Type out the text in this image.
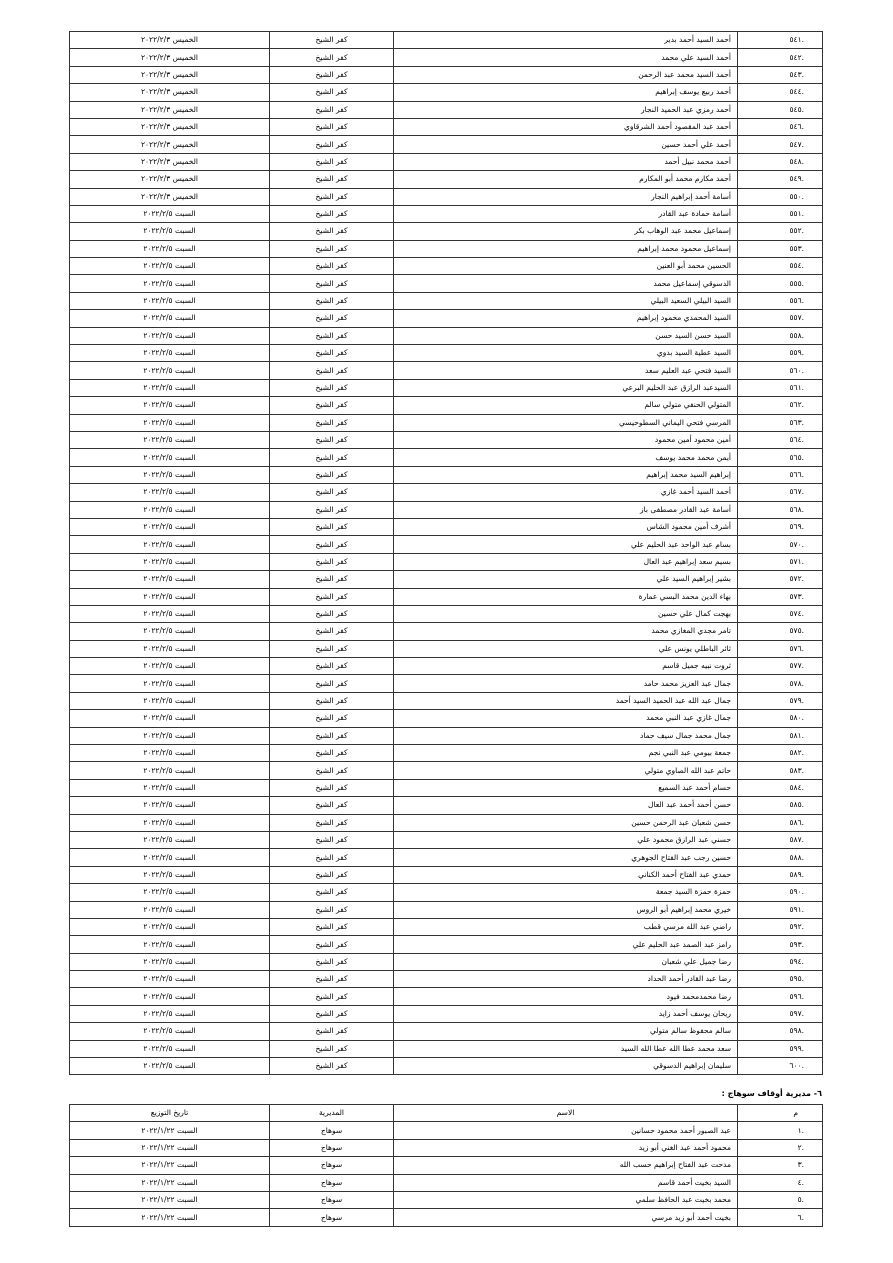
الخميس ٢٠٢٢/٢/٣	كفر الشيخ	أحمد السيد أحمد بدير	٥٤١.
الخميس ٢٠٢٢/٢/٣	كفر الشيخ	أحمد السيد علي محمد	٥٤٢.
الخميس ٢٠٢٢/٢/٣	كفر الشيخ	أحمد السيد محمد عبد الرحمن	٥٤٣.
الخميس ٢٠٢٢/٢/٣	كفر الشيخ	أحمد ربيع يوسف إبراهيم	٥٤٤.
الخميس ٢٠٢٢/٢/٣	كفر الشيخ	أحمد رمزي عبد الحميد النجار	٥٤٥.
الخميس ٢٠٢٢/٢/٣	كفر الشيخ	أحمد عبد المقصود أحمد الشرقاوي	٥٤٦.
الخميس ٢٠٢٢/٢/٣	كفر الشيخ	أحمد علي أحمد حسين	٥٤٧.
الخميس ٢٠٢٢/٢/٣	كفر الشيخ	أحمد محمد نبيل أحمد	٥٤٨.
الخميس ٢٠٢٢/٢/٣	كفر الشيخ	أحمد مكارم محمد أبو المكارم	٥٤٩.
الخميس ٢٠٢٢/٢/٣	كفر الشيخ	أسامة أحمد إبراهيم النجار	٥٥٠.
السبت ٢٠٢٢/٢/٥	كفر الشيخ	أسامة حمادة عبد القادر	٥٥١.
السبت ٢٠٢٢/٢/٥	كفر الشيخ	إسماعيل محمد عبد الوهاب بكر	٥٥٢.
السبت ٢٠٢٢/٢/٥	كفر الشيخ	إسماعيل محمود محمد إبراهيم	٥٥٣.
السبت ٢٠٢٢/٢/٥	كفر الشيخ	الحسين محمد أبو العنين	٥٥٤.
السبت ٢٠٢٢/٢/٥	كفر الشيخ	الدسوقي إسماعيل محمد	٥٥٥.
السبت ٢٠٢٢/٢/٥	كفر الشيخ	السيد البيلي السعيد البيلي	٥٥٦.
السبت ٢٠٢٢/٢/٥	كفر الشيخ	السيد المحمدي محمود إبراهيم	٥٥٧.
السبت ٢٠٢٢/٢/٥	كفر الشيخ	السيد حسن السيد حسن	٥٥٨.
السبت ٢٠٢٢/٢/٥	كفر الشيخ	السيد عطية السيد بدوي	٥٥٩.
السبت ٢٠٢٢/٢/٥	كفر الشيخ	السيد فتحي عبد العليم سعد	٥٦٠.
السبت ٢٠٢٢/٢/٥	كفر الشيخ	السيدعبد الرازق عبد الحليم البرعي	٥٦١.
السبت ٢٠٢٢/٢/٥	كفر الشيخ	المتولي الحنفي متولي سالم	٥٦٢.
السبت ٢٠٢٢/٢/٥	كفر الشيخ	المرسي فتحي اليماني السطوحيسي	٥٦٣.
السبت ٢٠٢٢/٢/٥	كفر الشيخ	أمين محمود أمين محمود	٥٦٤.
السبت ٢٠٢٢/٢/٥	كفر الشيخ	أيمن محمد محمد يوسف	٥٦٥.
السبت ٢٠٢٢/٢/٥	كفر الشيخ	إبراهيم السيد محمد إبراهيم	٥٦٦.
السبت ٢٠٢٢/٢/٥	كفر الشيخ	أحمد السيد أحمد غازي	٥٦٧.
السبت ٢٠٢٢/٢/٥	كفر الشيخ	أسامة عبد القادر مصطفى باز	٥٦٨.
السبت ٢٠٢٢/٢/٥	كفر الشيخ	أشرف أمين محمود الشاس	٥٦٩.
السبت ٢٠٢٢/٢/٥	كفر الشيخ	بسام عبد الواحد عبد الحليم علي	٥٧٠.
السبت ٢٠٢٢/٢/٥	كفر الشيخ	بسيم سعد إبراهيم عبد العال	٥٧١.
السبت ٢٠٢٢/٢/٥	كفر الشيخ	بشير إبراهيم السيد علي	٥٧٢.
السبت ٢٠٢٢/٢/٥	كفر الشيخ	بهاء الدين محمد البسي عمارة	٥٧٣.
السبت ٢٠٢٢/٢/٥	كفر الشيخ	بهجت كمال علي حسين	٥٧٤.
السبت ٢٠٢٢/٢/٥	كفر الشيخ	تامر مجدي المغازي محمد	٥٧٥.
السبت ٢٠٢٢/٢/٥	كفر الشيخ	ثائر الباطلي يونس علي	٥٧٦.
السبت ٢٠٢٢/٢/٥	كفر الشيخ	ثروت نبيه جميل قاسم	٥٧٧.
السبت ٢٠٢٢/٢/٥	كفر الشيخ	جمال عبد العزيز محمد حامد	٥٧٨.
السبت ٢٠٢٢/٢/٥	كفر الشيخ	جمال عبد الله عبد الحميد السيد أحمد	٥٧٩.
السبت ٢٠٢٢/٢/٥	كفر الشيخ	جمال غازي عبد النبي محمد	٥٨٠.
السبت ٢٠٢٢/٢/٥	كفر الشيخ	جمال محمد جمال سيف حماد	٥٨١.
السبت ٢٠٢٢/٢/٥	كفر الشيخ	جمعة بيومي عبد النبي نجم	٥٨٢.
السبت ٢٠٢٢/٢/٥	كفر الشيخ	حاتم عبد الله الصاوي متولي	٥٨٣.
السبت ٢٠٢٢/٢/٥	كفر الشيخ	حسام أحمد عبد السميع	٥٨٤.
السبت ٢٠٢٢/٢/٥	كفر الشيخ	حسن أحمد أحمد عبد العال	٥٨٥.
السبت ٢٠٢٢/٢/٥	كفر الشيخ	حسن شعبان عبد الرحمن حسين	٥٨٦.
السبت ٢٠٢٢/٢/٥	كفر الشيخ	حسني عبد الرازق محمود علي	٥٨٧.
السبت ٢٠٢٢/٢/٥	كفر الشيخ	حسين رجب عبد الفتاح الجوهري	٥٨٨.
السبت ٢٠٢٢/٢/٥	كفر الشيخ	حمدي عبد الفتاح أحمد الكناني	٥٨٩.
السبت ٢٠٢٢/٢/٥	كفر الشيخ	حمزة حمزة السيد جمعة	٥٩٠.
السبت ٢٠٢٢/٢/٥	كفر الشيخ	خيري محمد إبراهيم أبو الروس	٥٩١.
السبت ٢٠٢٢/٢/٥	كفر الشيخ	راضي عبد الله مرسي قطب	٥٩٢.
السبت ٢٠٢٢/٢/٥	كفر الشيخ	رامز عبد الصمد عبد الحليم علي	٥٩٣.
السبت ٢٠٢٢/٢/٥	كفر الشيخ	رضا جميل علي شعبان	٥٩٤.
السبت ٢٠٢٢/٢/٥	كفر الشيخ	رضا عبد القادر أحمد الحداد	٥٩٥.
السبت ٢٠٢٢/٢/٥	كفر الشيخ	رضا محمدمحمد فيود	٥٩٦.
السبت ٢٠٢٢/٢/٥	كفر الشيخ	ريحان يوسف أحمد زايد	٥٩٧.
السبت ٢٠٢٢/٢/٥	كفر الشيخ	سالم محفوظ سالم متولي	٥٩٨.
السبت ٢٠٢٢/٢/٥	كفر الشيخ	سعد محمد عطا الله عطا الله السيد	٥٩٩.
السبت ٢٠٢٢/٢/٥	كفر الشيخ	سليمان إبراهيم الدسوقي	٦٠٠.
٦- مديرية أوقاف سوهاج :
تاريخ التوزيع	المديرية	الاسم	م
السبت ٢٠٢٢/١/٢٢	سوهاج	عبد الصبور أحمد محمود حسانين	١.
السبت ٢٠٢٢/١/٢٢	سوهاج	محمود أحمد عبد الغني أبو زيد	٢.
السبت ٢٠٢٢/١/٢٢	سوهاج	مدحت عبد الفتاح إبراهيم حسب الله	٣.
السبت ٢٠٢٢/١/٢٢	سوهاج	السيد بخيت أحمد قاسم	٤.
السبت ٢٠٢٢/١/٢٢	سوهاج	محمد بخيت عبد الحافظ سلمي	٥.
السبت ٢٠٢٢/١/٢٢	سوهاج	بخيت أحمد أبو زيد مرسي	٦.
